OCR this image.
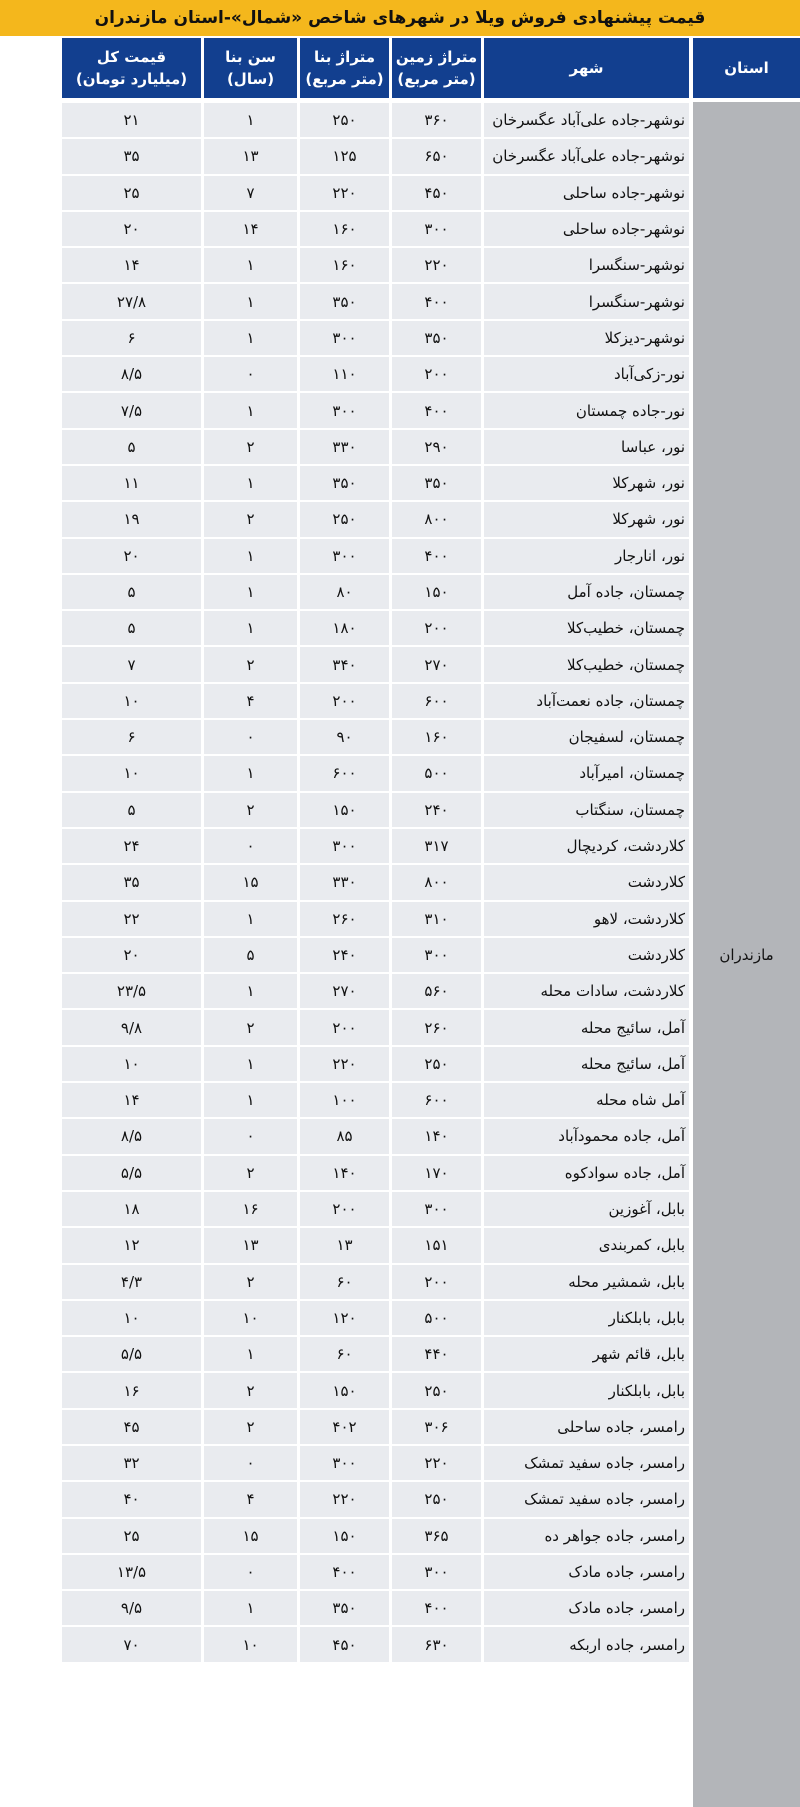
قیمت پیشنهادی فروش ویلا در شهرهای شاخص «شمال»-استان مازندران
استان
شهر
متراژ زمین
(متر مربع)
متراژ بنا
(متر مربع)
سن بنا
(سال)
قیمت کل
(میلیارد تومان)
مازندران
نوشهر-جاده علی‌آباد عگسرخان
۳۶۰
۲۵۰
۱
۲۱
نوشهر-جاده علی‌آباد عگسرخان
۶۵۰
۱۲۵
۱۳
۳۵
نوشهر-جاده ساحلی
۴۵۰
۲۲۰
۷
۲۵
نوشهر-جاده ساحلی
۳۰۰
۱۶۰
۱۴
۲۰
نوشهر-سنگسرا
۲۲۰
۱۶۰
۱
۱۴
نوشهر-سنگسرا
۴۰۰
۳۵۰
۱
۲۷/۸
نوشهر-دیزکلا
۳۵۰
۳۰۰
۱
۶
نور-زکی‌آباد
۲۰۰
۱۱۰
۰
۸/۵
نور-جاده چمستان
۴۰۰
۳۰۰
۱
۷/۵
نور، عباسا
۲۹۰
۳۳۰
۲
۵
نور، شهرکلا
۳۵۰
۳۵۰
۱
۱۱
نور، شهرکلا
۸۰۰
۲۵۰
۲
۱۹
نور، انارجار
۴۰۰
۳۰۰
۱
۲۰
چمستان، جاده آمل
۱۵۰
۸۰
۱
۵
چمستان، خطیب‌کلا
۲۰۰
۱۸۰
۱
۵
چمستان، خطیب‌کلا
۲۷۰
۳۴۰
۲
۷
چمستان، جاده نعمت‌آباد
۶۰۰
۲۰۰
۴
۱۰
چمستان، لسفیجان
۱۶۰
۹۰
۰
۶
چمستان، امیرآباد
۵۰۰
۶۰۰
۱
۱۰
چمستان، سنگتاب
۲۴۰
۱۵۰
۲
۵
کلاردشت، کردیچال
۳۱۷
۳۰۰
۰
۲۴
کلاردشت
۸۰۰
۳۳۰
۱۵
۳۵
کلاردشت، لاهو
۳۱۰
۲۶۰
۱
۲۲
کلاردشت
۳۰۰
۲۴۰
۵
۲۰
کلاردشت، سادات محله
۵۶۰
۲۷۰
۱
۲۳/۵
آمل، سائیج محله
۲۶۰
۲۰۰
۲
۹/۸
آمل، سائیج محله
۲۵۰
۲۲۰
۱
۱۰
آمل شاه محله
۶۰۰
۱۰۰
۱
۱۴
آمل، جاده محمودآباد
۱۴۰
۸۵
۰
۸/۵
آمل، جاده سوادکوه
۱۷۰
۱۴۰
۲
۵/۵
بابل، آغوزین
۳۰۰
۲۰۰
۱۶
۱۸
بابل، کمربندی
۱۵۱
۱۳
۱۳
۱۲
بابل، شمشیر محله
۲۰۰
۶۰
۲
۴/۳
بابل، بابلکنار
۵۰۰
۱۲۰
۱۰
۱۰
بابل، قائم شهر
۴۴۰
۶۰
۱
۵/۵
بابل، بابلکنار
۲۵۰
۱۵۰
۲
۱۶
رامسر، جاده ساحلی
۳۰۶
۴۰۲
۲
۴۵
رامسر، جاده سفید تمشک
۲۲۰
۳۰۰
۰
۳۲
رامسر، جاده سفید تمشک
۲۵۰
۲۲۰
۴
۴۰
رامسر، جاده جواهر ده
۳۶۵
۱۵۰
۱۵
۲۵
رامسر، جاده مادک
۳۰۰
۴۰۰
۰
۱۳/۵
رامسر، جاده مادک
۴۰۰
۳۵۰
۱
۹/۵
رامسر، جاده اربکه
۶۳۰
۴۵۰
۱۰
۷۰
